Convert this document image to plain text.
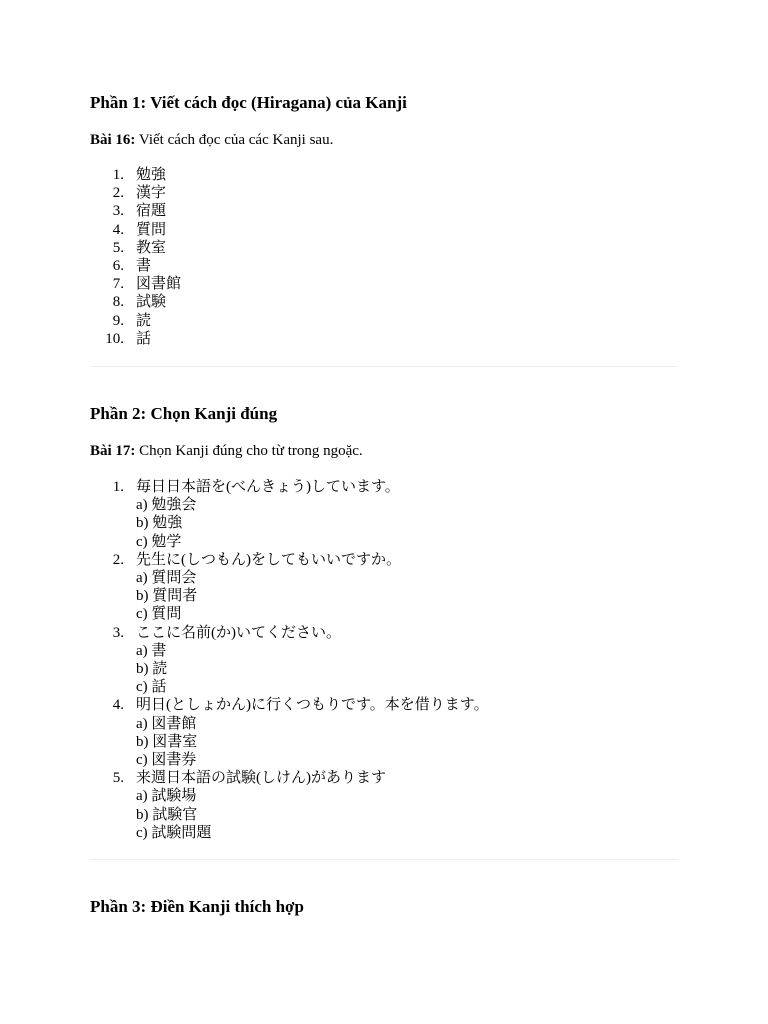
Phần 1: Viết cách đọc (Hiragana) của Kanji

Bài 16: Viết cách đọc của các Kanji sau.

1. 勉強
2. 漢字
3. 宿題
4. 質問
5. 教室
6. 書
7. 図書館
8. 試験
9. 読
10. 話
Phần 2: Chọn Kanji đúng

Bài 17: Chọn Kanji đúng cho từ trong ngoặc.

1. 毎日日本語を(べんきょう)しています。
a) 勉強会
b) 勉強
c) 勉学
2. 先生に(しつもん)をしてもいいですか。
a) 質問会
b) 質問者
c) 質問
3. ここに名前(か)いてください。
a) 書
b) 読
c) 話
4. 明日(としょかん)に行くつもりです。本を借ります。
a) 図書館
b) 図書室
c) 図書券
5. 来週日本語の試験(しけん)があります
a) 試験場
b) 試験官
c) 試験問題
Phần 3: Điền Kanji thích hợp
